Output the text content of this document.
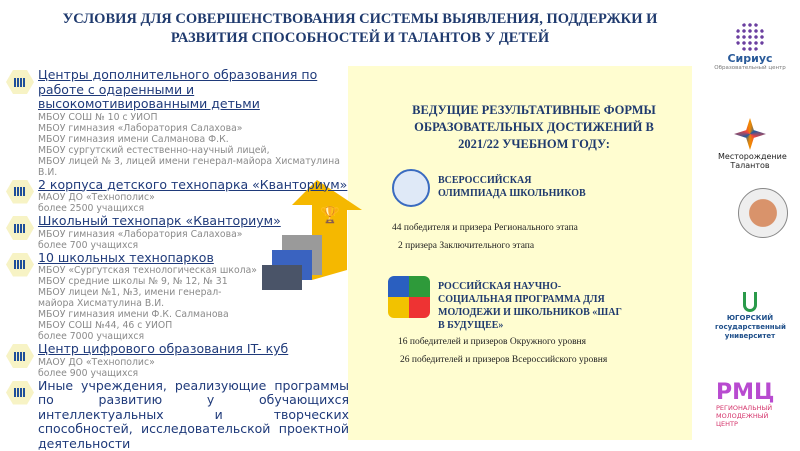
УСЛОВИЯ ДЛЯ СОВЕРШЕНСТВОВАНИЯ СИСТЕМЫ ВЫЯВЛЕНИЯ, ПОДДЕРЖКИ И РАЗВИТИЯ СПОСОБНОСТЕЙ И ТАЛАНТОВ У ДЕТЕЙ
ВЕДУЩИЕ РЕЗУЛЬТАТИВНЫЕ ФОРМЫ ОБРАЗОВАТЕЛЬНЫХ ДОСТИЖЕНИЙ В 2021/22 УЧЕБНОМ ГОДУ:
ВСЕРОССИЙСКАЯ ОЛИМПИАДА ШКОЛЬНИКОВ
44 победителя и призера Регионального этапа
2 призера Заключительного этапа
РОССИЙСКАЯ НАУЧНО-СОЦИАЛЬНАЯ ПРОГРАММА ДЛЯ МОЛОДЕЖИ И ШКОЛЬНИКОВ «ШАГ В БУДУЩЕЕ»
16 победителей и призеров Окружного уровня
26 победителей и призеров Всероссийского уровня
🏆
Центры дополнительного образования по работе с одаренными и высокомотивированными детьми
МБОУ СОШ № 10 с УИОП
МБОУ гимназия «Лаборатория Салахова»
МБОУ гимназия имени Салманова Ф.К.
МБОУ сургутский естественно-научный лицей,
МБОУ лицей № 3, лицей имени генерал-майора Хисматулина В.И.
2 корпуса детского технопарка «Кванториум»
МАОУ ДО «Технополис»
более 2500 учащихся
Школьный технопарк «Кванториум»
МБОУ гимназия «Лаборатория Салахова»
более 700 учащихся
10 школьных технопарков
МБОУ «Сургутская технологическая школа»
МБОУ средние школы № 9, № 12, № 31
МБОУ лицеи №1, №3, имени генерал-майора Хисматулина В.И.
МБОУ гимназия имени Ф.К. Салманова
МБОУ СОШ №44, 46 с УИОП
более 7000 учащихся
Центр цифрового образования IT- куб
МАОУ ДО «Технополис»
более 900 учащихся
Иные учреждения, реализующие программы по развитию у обучающихся интеллектуальных и творческих способностей, исследовательской проектной деятельности
Сириус
Образовательный центр
Месторождение Талантов
ЮГОРСКИЙ государственный университет
РМЦ
РЕГИОНАЛЬНЫЙ МОЛОДЕЖНЫЙ ЦЕНТР
